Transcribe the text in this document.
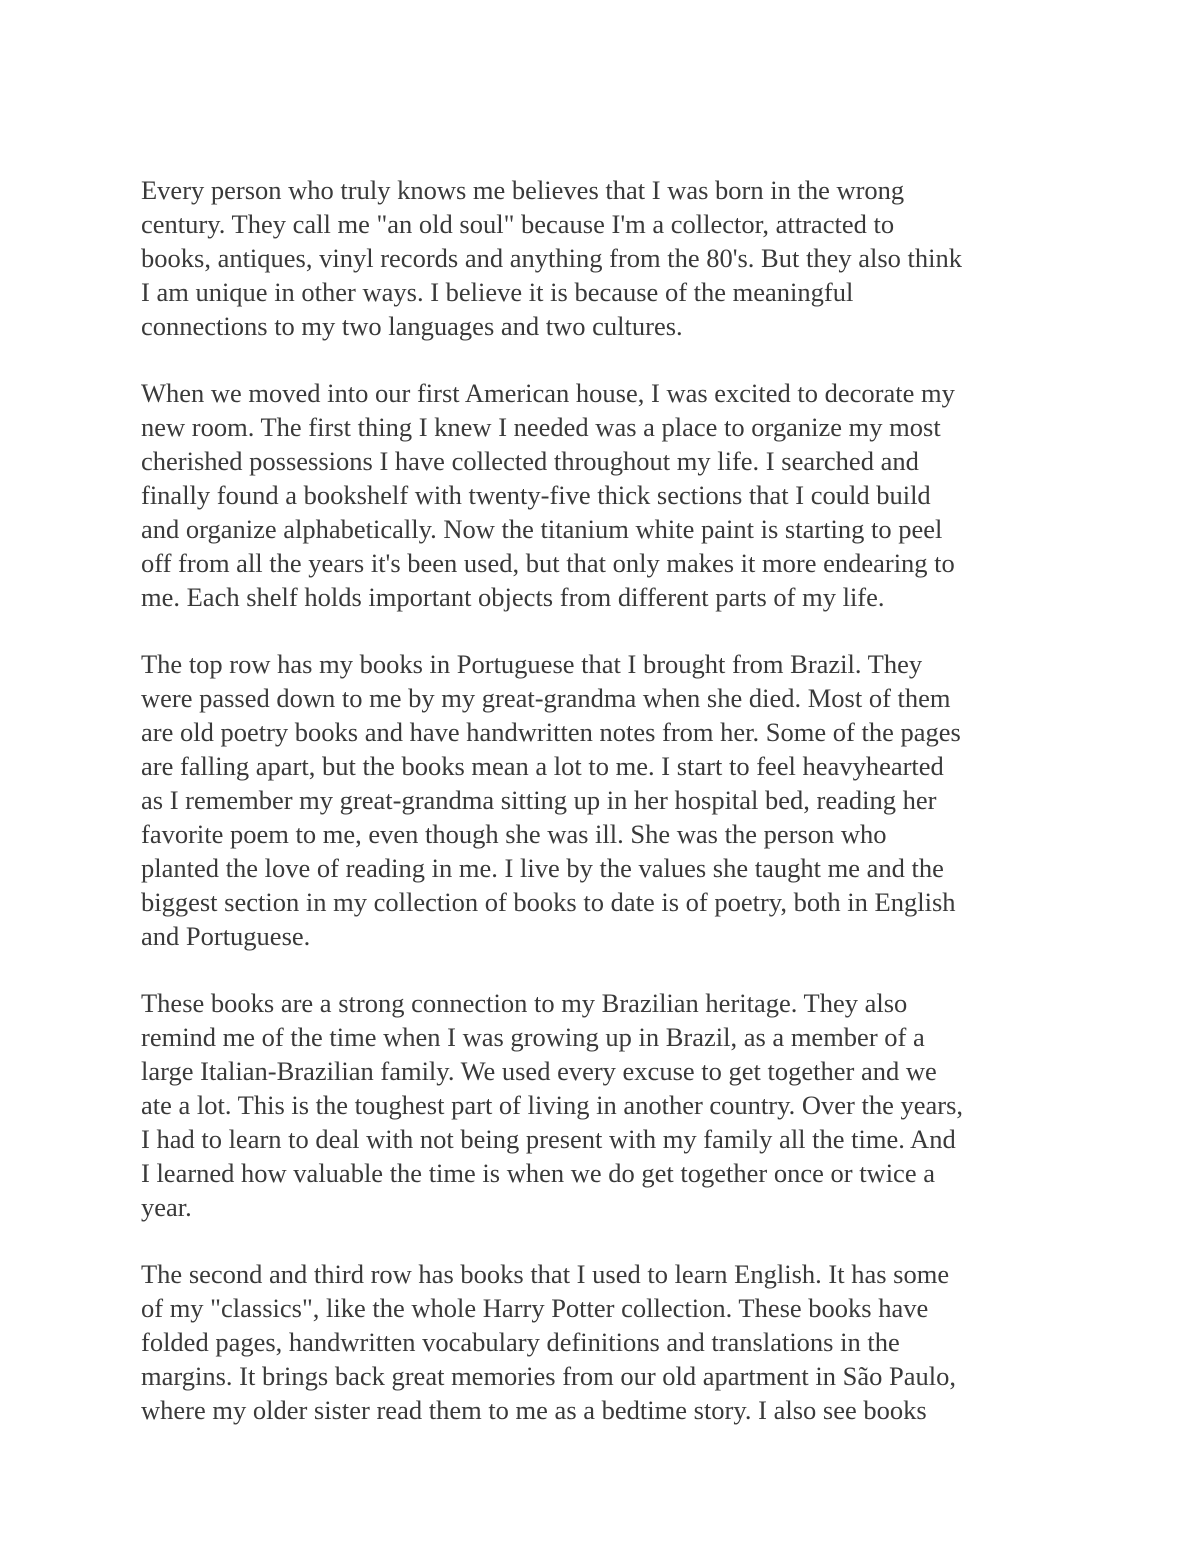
Every person who truly knows me believes that I was born in the wrong
century. They call me "an old soul" because I'm a collector, attracted to
books, antiques, vinyl records and anything from the 80's. But they also think
I am unique in other ways. I believe it is because of the meaningful
connections to my two languages and two cultures.
When we moved into our first American house, I was excited to decorate my
new room. The first thing I knew I needed was a place to organize my most
cherished possessions I have collected throughout my life. I searched and
finally found a bookshelf with twenty-five thick sections that I could build
and organize alphabetically. Now the titanium white paint is starting to peel
off from all the years it's been used, but that only makes it more endearing to
me. Each shelf holds important objects from different parts of my life.
The top row has my books in Portuguese that I brought from Brazil. They
were passed down to me by my great-grandma when she died. Most of them
are old poetry books and have handwritten notes from her. Some of the pages
are falling apart, but the books mean a lot to me. I start to feel heavyhearted
as I remember my great-grandma sitting up in her hospital bed, reading her
favorite poem to me, even though she was ill. She was the person who
planted the love of reading in me. I live by the values she taught me and the
biggest section in my collection of books to date is of poetry, both in English
and Portuguese.
These books are a strong connection to my Brazilian heritage. They also
remind me of the time when I was growing up in Brazil, as a member of a
large Italian-Brazilian family. We used every excuse to get together and we
ate a lot. This is the toughest part of living in another country. Over the years,
I had to learn to deal with not being present with my family all the time. And
I learned how valuable the time is when we do get together once or twice a
year.
The second and third row has books that I used to learn English. It has some
of my "classics", like the whole Harry Potter collection. These books have
folded pages, handwritten vocabulary definitions and translations in the
margins. It brings back great memories from our old apartment in São Paulo,
where my older sister read them to me as a bedtime story. I also see books
